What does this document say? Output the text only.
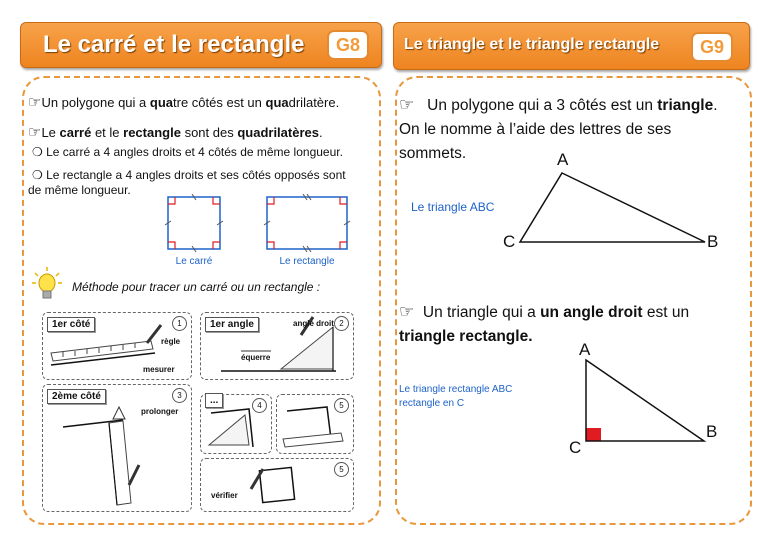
Le carré et le rectangle	G8	Le triangle et le triangle rectangle	G9
☞Un polygone qui a quatre côtés est un quadrilatère.
☞Le carré et le rectangle sont des quadrilatères.
❍ Le carré a 4 angles droits et 4 côtés de même longueur.
❍ Le rectangle a 4 angles droits et ses côtés opposés sont
de même longueur.
Le carré	Le rectangle
Méthode pour tracer un carré ou un rectangle :
1er côté	1
règle
mesurer
1er angle	2
angle droit
équerre
2ème côté	3
prolonger
...	4	5
5
vérifier
☞ Un polygone qui a 3 côtés est un triangle.
On le nomme à l’aide des lettres de ses
sommets.
Le triangle ABC
A
B
C
☞ Un triangle qui a un angle droit est un
triangle rectangle.
Le triangle rectangle ABC
rectangle en C
A
B
C
